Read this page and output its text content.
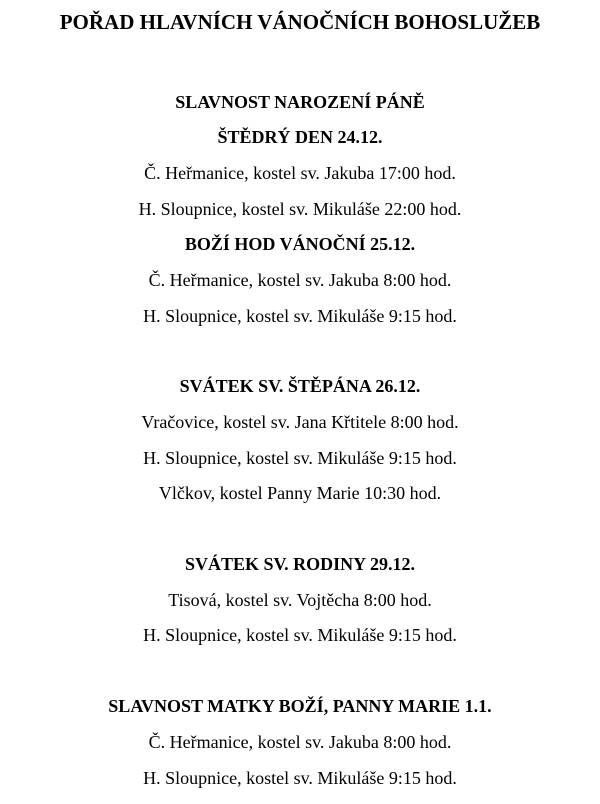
POŘAD HLAVNÍCH VÁNOČNÍCH BOHOSLUŽEB
SLAVNOST NAROZENÍ PÁNĚ
ŠTĚDRÝ DEN 24.12.
Č. Heřmanice, kostel sv. Jakuba 17:00 hod.
H. Sloupnice, kostel sv. Mikuláše 22:00 hod.
BOŽÍ HOD VÁNOČNÍ 25.12.
Č. Heřmanice, kostel sv. Jakuba 8:00 hod.
H. Sloupnice, kostel sv. Mikuláše 9:15 hod.
SVÁTEK SV. ŠTĚPÁNA 26.12.
Vračovice, kostel sv. Jana Křtitele 8:00 hod.
H. Sloupnice, kostel sv. Mikuláše 9:15 hod.
Vlčkov, kostel Panny Marie 10:30 hod.
SVÁTEK SV. RODINY 29.12.
Tisová, kostel sv. Vojtěcha 8:00 hod.
H. Sloupnice, kostel sv. Mikuláše 9:15 hod.
SLAVNOST MATKY BOŽÍ, PANNY MARIE 1.1.
Č. Heřmanice, kostel sv. Jakuba 8:00 hod.
H. Sloupnice, kostel sv. Mikuláše 9:15 hod.
